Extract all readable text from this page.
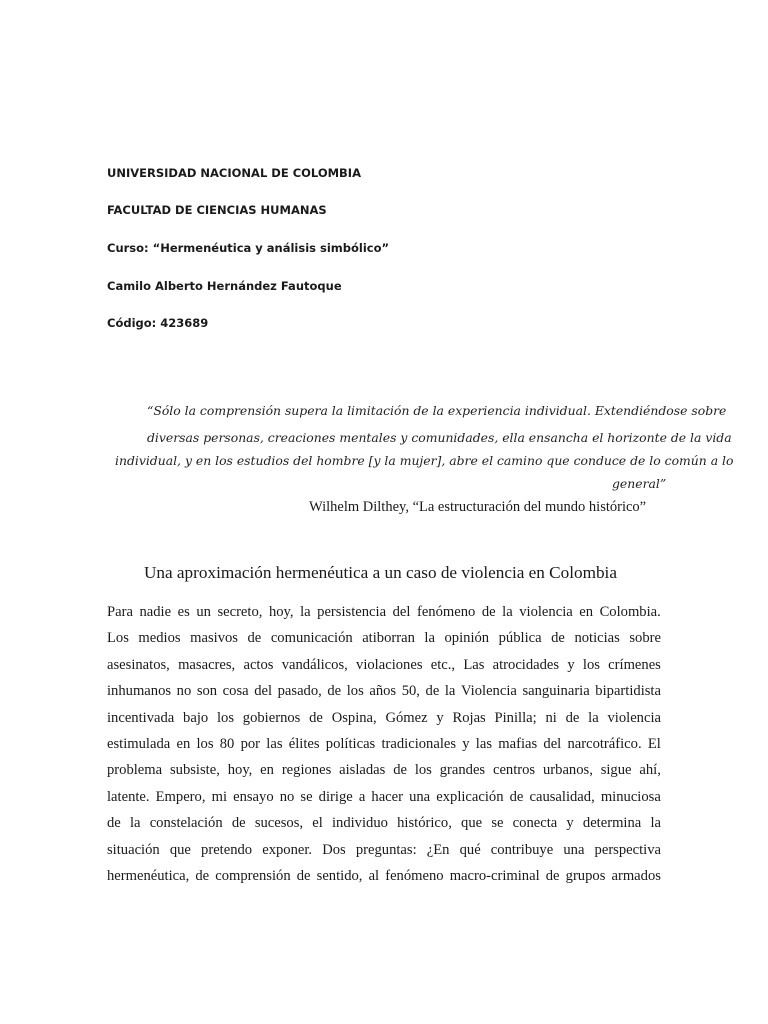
UNIVERSIDAD NACIONAL DE COLOMBIA
FACULTAD DE CIENCIAS HUMANAS
Curso: “Hermenéutica y análisis simbólico”
Camilo Alberto Hernández Fautoque
Código: 423689
“Sólo la comprensión supera la limitación de la experiencia individual. Extendiéndose sobre
diversas personas, creaciones mentales y comunidades, ella ensancha el horizonte de la vida
individual, y en los estudios del hombre [y la mujer], abre el camino que conduce de lo común a lo
general”
Wilhelm Dilthey, “La estructuración del mundo histórico”
Una aproximación hermenéutica a un caso de violencia en Colombia
Para nadie es un secreto, hoy, la persistencia del fenómeno de la violencia en Colombia.
Los medios masivos de comunicación atiborran la opinión pública de noticias sobre
asesinatos, masacres, actos vandálicos, violaciones etc., Las atrocidades y los crímenes
inhumanos no son cosa del pasado, de los años 50, de la Violencia sanguinaria bipartidista
incentivada bajo los gobiernos de Ospina, Gómez y Rojas Pinilla; ni de la violencia
estimulada en los 80 por las élites políticas tradicionales y las mafias del narcotráfico. El
problema subsiste, hoy, en regiones aisladas de los grandes centros urbanos, sigue ahí,
latente. Empero, mi ensayo no se dirige a hacer una explicación de causalidad, minuciosa
de la constelación de sucesos, el individuo histórico, que se conecta y determina la
situación que pretendo exponer. Dos preguntas: ¿En qué contribuye una perspectiva
hermenéutica, de comprensión de sentido, al fenómeno macro-criminal de grupos armados
